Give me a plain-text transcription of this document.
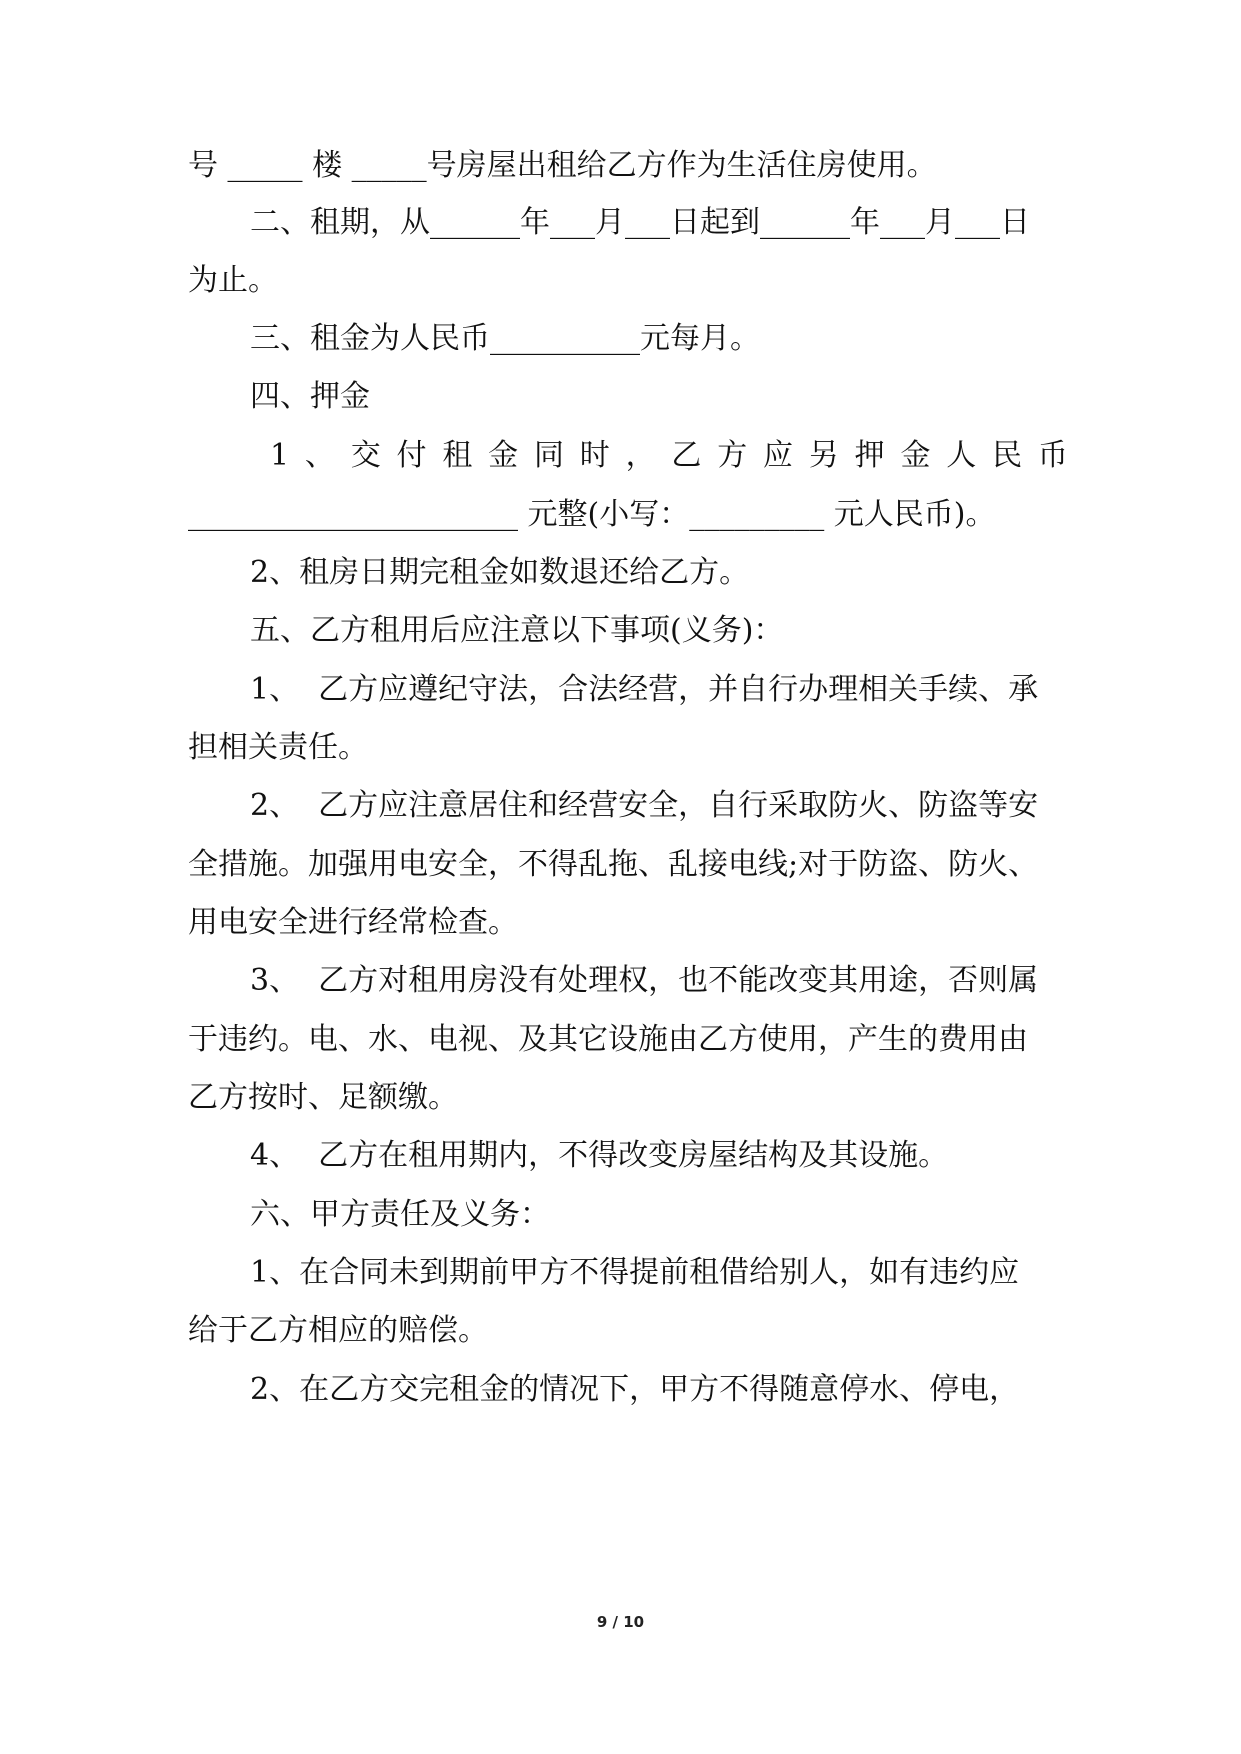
号 _____ 楼 _____号房屋出租给乙方作为生活住房使用。
二、租期，从______年___月___日起到______年___月___日
为止。
三、租金为人民币__________元每月。
四、押金
1 、 交 付 租 金 同 时 ， 乙 方 应 另 押 金 人 民 币
______________________ 元整(小写：_________ 元人民币)。
2、租房日期完租金如数退还给乙方。
五、乙方租用后应注意以下事项(义务)：
1、  乙方应遵纪守法，合法经营，并自行办理相关手续、承
担相关责任。
2、  乙方应注意居住和经营安全，自行采取防火、防盗等安
全措施。加强用电安全，不得乱拖、乱接电线;对于防盗、防火、
用电安全进行经常检查。
3、  乙方对租用房没有处理权，也不能改变其用途，否则属
于违约。电、水、电视、及其它设施由乙方使用，产生的费用由
乙方按时、足额缴。
4、  乙方在租用期内，不得改变房屋结构及其设施。
六、甲方责任及义务：
1、在合同未到期前甲方不得提前租借给别人，如有违约应
给于乙方相应的赔偿。
2、在乙方交完租金的情况下，甲方不得随意停水、停电，
9 / 10
